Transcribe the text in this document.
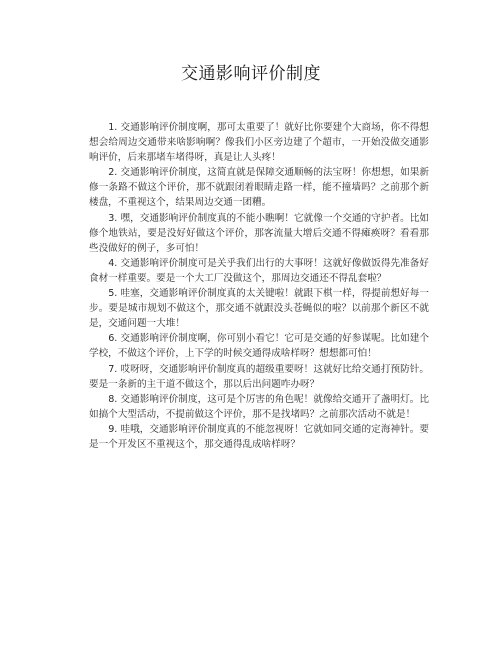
交通影响评价制度

1. 交通影响评价制度啊，那可太重要了！就好比你要建个大商场，你不得想想会给周边交通带来啥影响啊？像我们小区旁边建了个超市，一开始没做交通影响评价，后来那堵车堵得呀，真是让人头疼！

2. 交通影响评价制度，这简直就是保障交通顺畅的法宝呀！你想想，如果新修一条路不做这个评价，那不就跟闭着眼睛走路一样，能不撞墙吗？之前那个新楼盘，不重视这个，结果周边交通一团糟。

3. 嘿，交通影响评价制度真的不能小瞧啊！它就像一个交通的守护者。比如修个地铁站，要是没好好做这个评价，那客流量大增后交通不得瘫痪呀？看看那些没做好的例子，多可怕！

4. 交通影响评价制度可是关乎我们出行的大事呀！这就好像做饭得先准备好食材一样重要。要是一个大工厂没做这个，那周边交通还不得乱套啦？

5. 哇塞，交通影响评价制度真的太关键啦！就跟下棋一样，得提前想好每一步。要是城市规划不做这个，那交通不就跟没头苍蝇似的啦？以前那个新区不就是，交通问题一大堆！

6. 交通影响评价制度啊，你可别小看它！它可是交通的好参谋呢。比如建个学校，不做这个评价，上下学的时候交通得成啥样呀？想想都可怕！

7. 哎呀呀，交通影响评价制度真的超级重要呀！这就好比给交通打预防针。要是一条新的主干道不做这个，那以后出问题咋办呀？

8. 交通影响评价制度，这可是个厉害的角色呢！就像给交通开了盏明灯。比如搞个大型活动，不提前做这个评价，那不是找堵吗？之前那次活动不就是！

9. 哇哦，交通影响评价制度真的不能忽视呀！它就如同交通的定海神针。要是一个开发区不重视这个，那交通得乱成啥样呀？
